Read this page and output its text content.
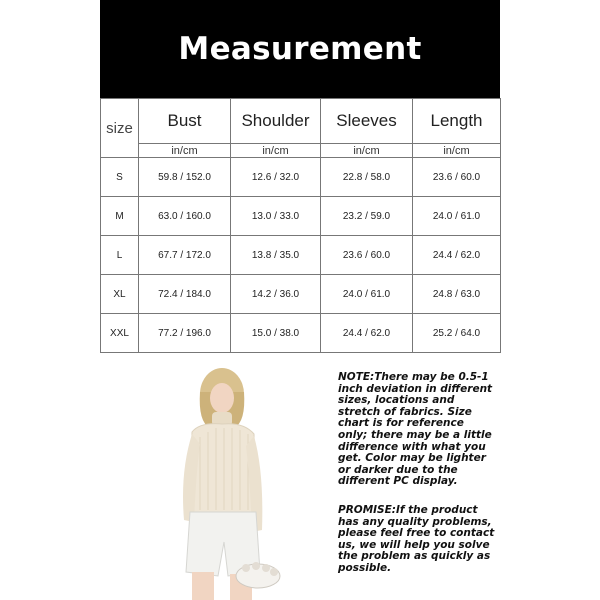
Measurement
size	Bust	Shoulder	Sleeves	Length
	in/cm	in/cm	in/cm	in/cm
S	59.8 / 152.0	12.6 / 32.0	22.8 / 58.0	23.6 / 60.0
M	63.0 / 160.0	13.0 / 33.0	23.2 / 59.0	24.0 / 61.0
L	67.7 / 172.0	13.8 / 35.0	23.6 / 60.0	24.4 / 62.0
XL	72.4 / 184.0	14.2 / 36.0	24.0 / 61.0	24.8 / 63.0
XXL	77.2 / 196.0	15.0 / 38.0	24.4 / 62.0	25.2 / 64.0

NOTE:There may be 0.5-1 inch deviation in different sizes, locations and stretch of fabrics. Size chart is for reference only; there may be a little difference with what you get. Color may be lighter or darker due to the different PC display.

PROMISE:If the product has any quality problems, please feel free to contact us, we will help you solve the problem as quickly as possible.
